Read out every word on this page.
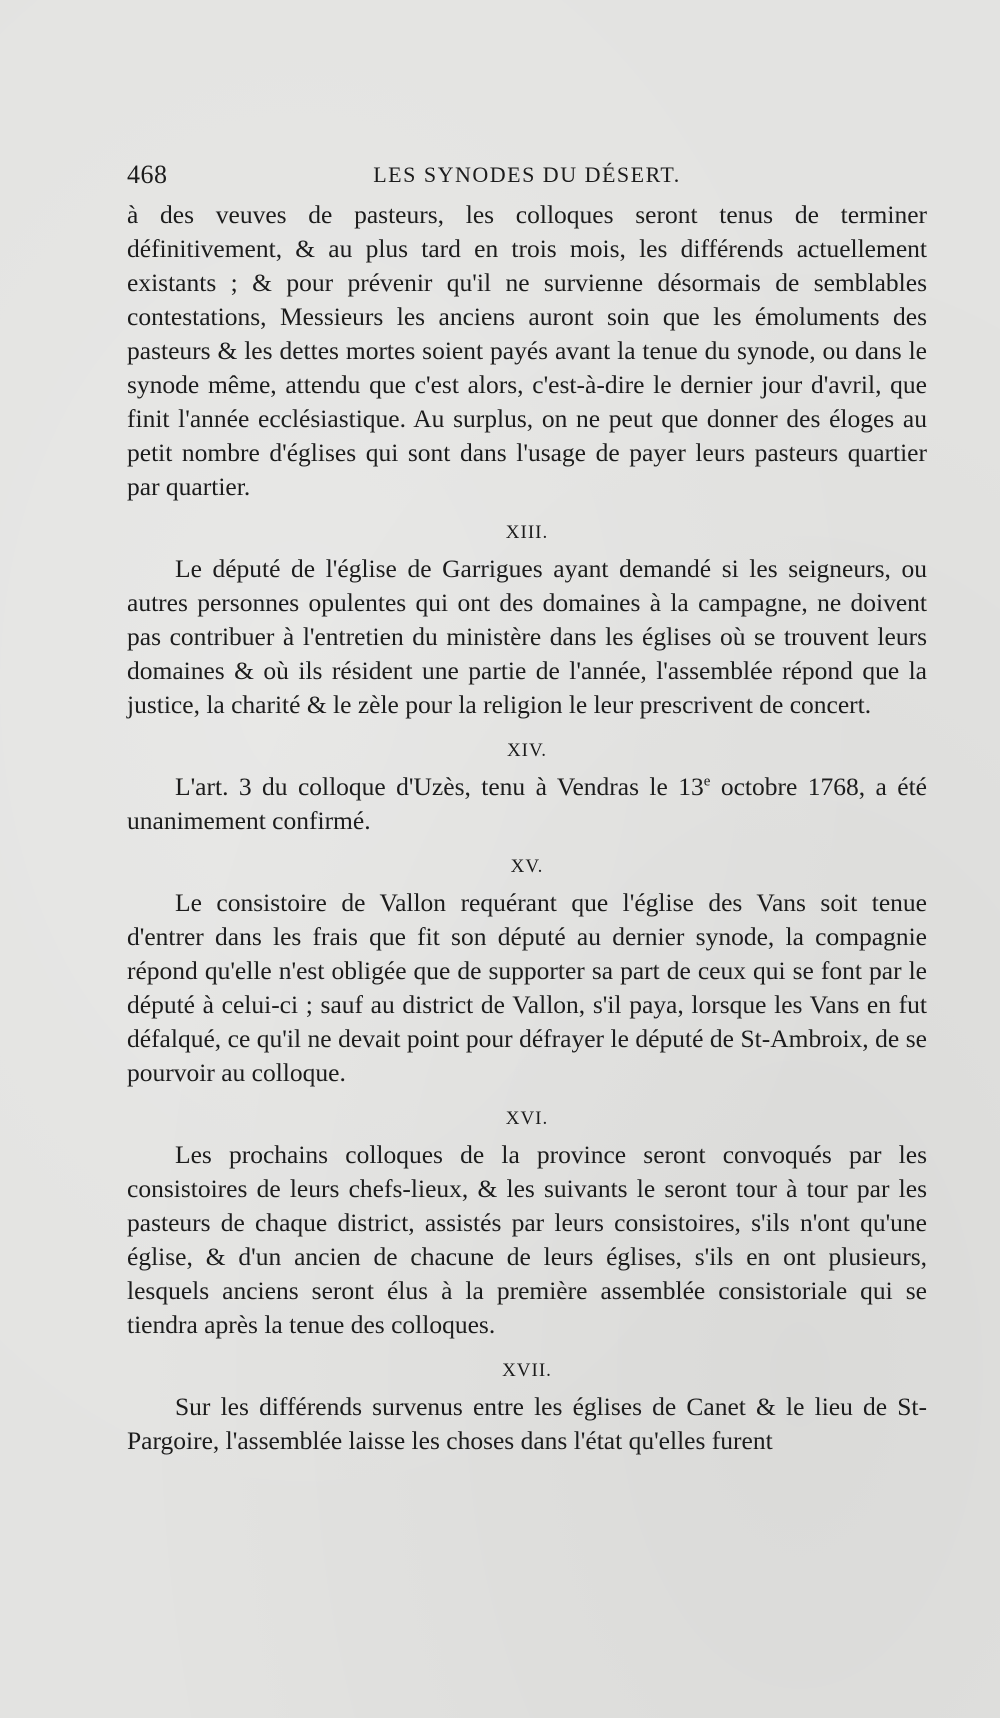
468	LES SYNODES DU DÉSERT.

à des veuves de pasteurs, les colloques seront tenus de terminer définitivement, & au plus tard en trois mois, les différends actuellement existants ; & pour prévenir qu'il ne survienne désormais de semblables contestations, Messieurs les anciens auront soin que les émoluments des pasteurs & les dettes mortes soient payés avant la tenue du synode, ou dans le synode même, attendu que c'est alors, c'est-à-dire le dernier jour d'avril, que finit l'année ecclésiastique. Au surplus, on ne peut que donner des éloges au petit nombre d'églises qui sont dans l'usage de payer leurs pasteurs quartier par quartier.

XIII.

Le député de l'église de Garrigues ayant demandé si les seigneurs, ou autres personnes opulentes qui ont des domaines à la campagne, ne doivent pas contribuer à l'entretien du ministère dans les églises où se trouvent leurs domaines & où ils résident une partie de l'année, l'assemblée répond que la justice, la charité & le zèle pour la religion le leur prescrivent de concert.

XIV.

L'art. 3 du colloque d'Uzès, tenu à Vendras le 13e octobre 1768, a été unanimement confirmé.

XV.

Le consistoire de Vallon requérant que l'église des Vans soit tenue d'entrer dans les frais que fit son député au dernier synode, la compagnie répond qu'elle n'est obligée que de supporter sa part de ceux qui se font par le député à celui-ci ; sauf au district de Vallon, s'il paya, lorsque les Vans en fut défalqué, ce qu'il ne devait point pour défrayer le député de St-Ambroix, de se pourvoir au colloque.

XVI.

Les prochains colloques de la province seront convoqués par les consistoires de leurs chefs-lieux, & les suivants le seront tour à tour par les pasteurs de chaque district, assistés par leurs consistoires, s'ils n'ont qu'une église, & d'un ancien de chacune de leurs églises, s'ils en ont plusieurs, lesquels anciens seront élus à la première assemblée consistoriale qui se tiendra après la tenue des colloques.

XVII.

Sur les différends survenus entre les églises de Canet & le lieu de St-Pargoire, l'assemblée laisse les choses dans l'état qu'elles furent
